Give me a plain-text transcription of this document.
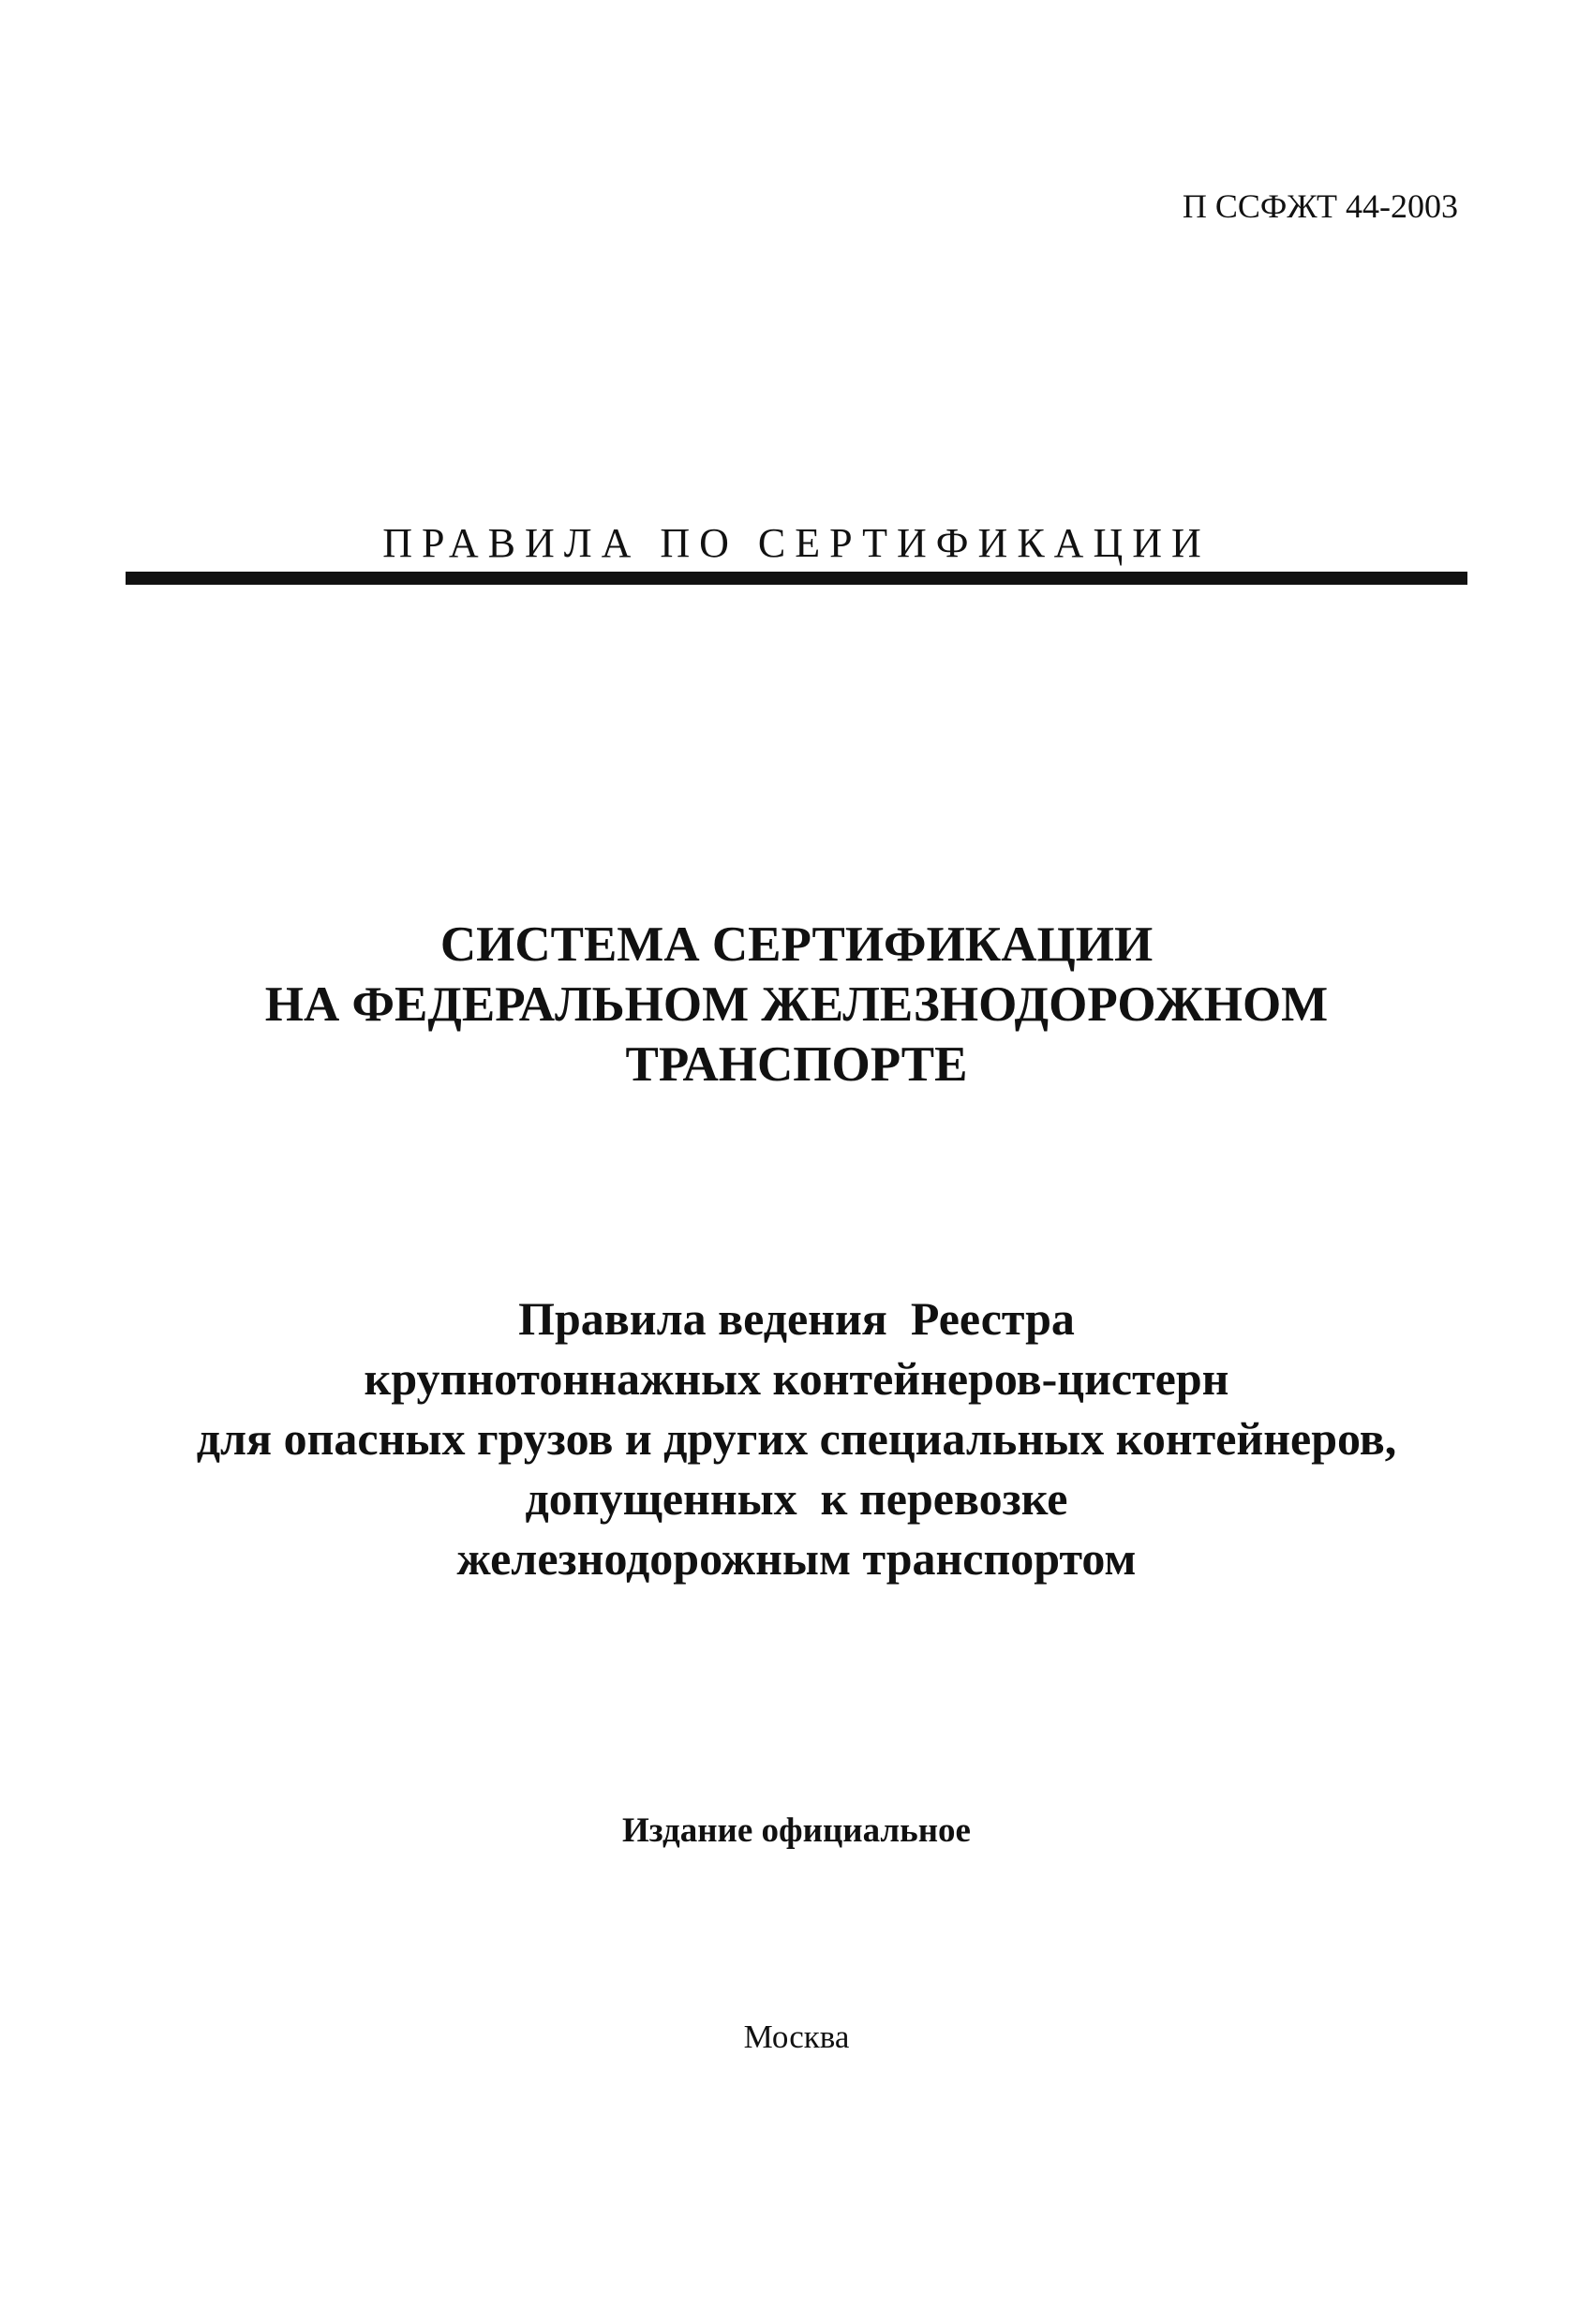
П ССФЖТ 44-2003
ПРАВИЛА ПО СЕРТИФИКАЦИИ
СИСТЕМА СЕРТИФИКАЦИИ
НА ФЕДЕРАЛЬНОМ ЖЕЛЕЗНОДОРОЖНОМ
ТРАНСПОРТЕ
Правила ведения  Реестра
крупнотоннажных контейнеров-цистерн
для опасных грузов и других специальных контейнеров,
допущенных  к перевозке
железнодорожным транспортом
Издание официальное
Москва
